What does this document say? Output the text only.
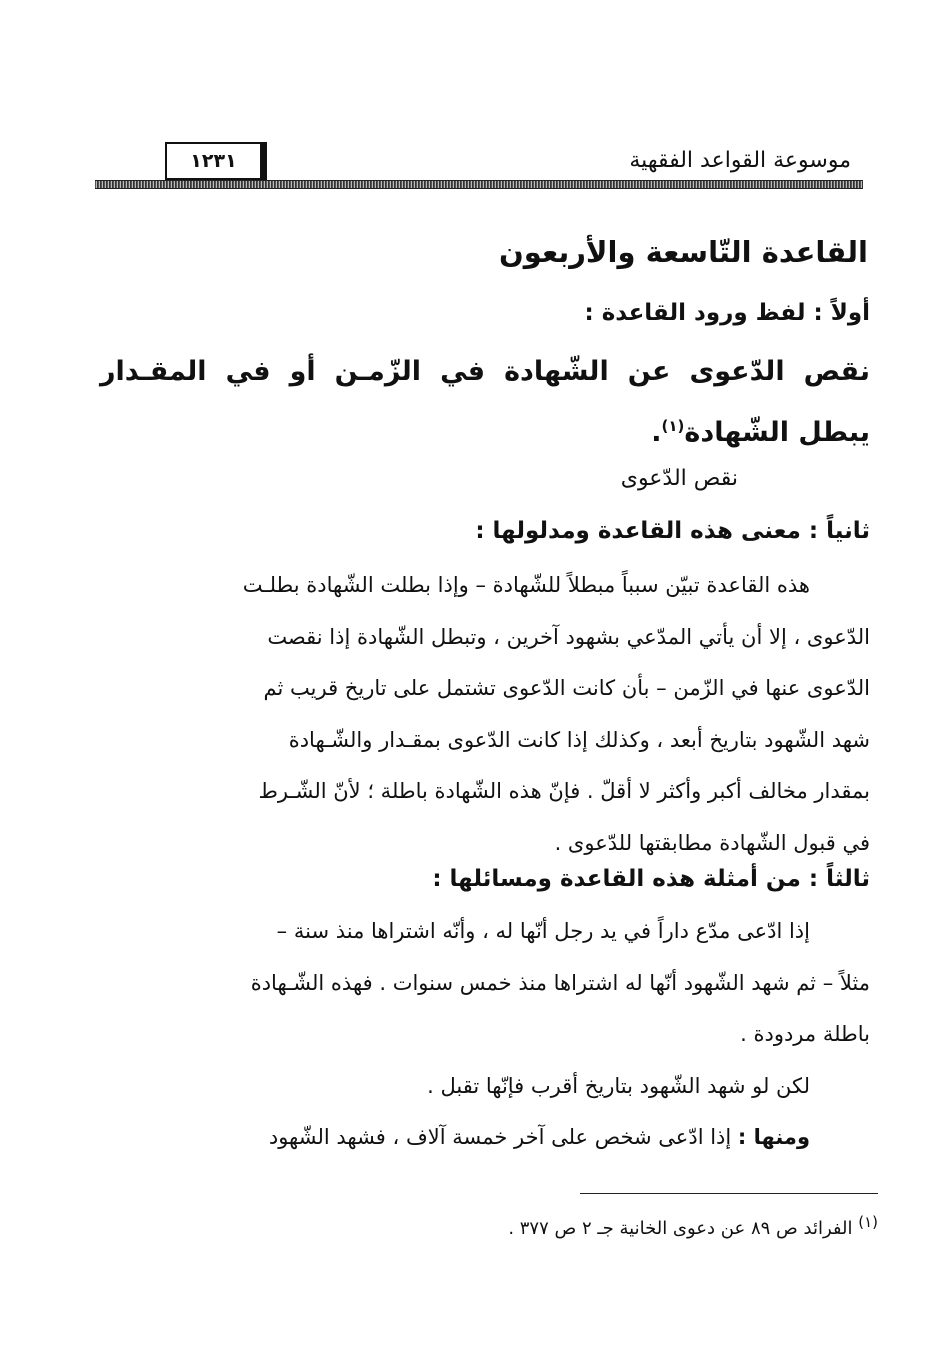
موسوعة القواعد الفقهية
١٢٣١
القاعدة التّاسعة والأربعون
أولاً : لفظ ورود القاعدة :
نقص الدّعوى عن الشّهادة في الزّمـن أو في المقـدار يبطل الشّهادة$^{(١)}$.
نقص الدّعوى
ثانياً : معنى هذه القاعدة ومدلولها :

هذه القاعدة تبيّن سبباً مبطلاً للشّهادة – وإذا بطلت الشّهادة بطلـت

الدّعوى ، إلا أن يأتي المدّعي بشهود آخرين ، وتبطل الشّهادة إذا نقصت

الدّعوى عنها في الزّمن – بأن كانت الدّعوى تشتمل على تاريخ قريب ثم

شهد الشّهود بتاريخ أبعد ، وكذلك إذا كانت الدّعوى بمقـدار والشّـهادة

بمقدار مخالف أكبر وأكثر لا أقلّ . فإنّ هذه الشّهادة باطلة ؛ لأنّ الشّـرط

في قبول الشّهادة مطابقتها للدّعوى .

ثالثاً : من أمثلة هذه القاعدة ومسائلها :

إذا ادّعى مدّع داراً في يد رجل أنّها له ، وأنّه اشتراها منذ سنة –

مثلاً – ثم شهد الشّهود أنّها له اشتراها منذ خمس سنوات . فهذه الشّـهادة

باطلة مردودة .

لكن لو شهد الشّهود بتاريخ أقرب فإنّها تقبل .

ومنها : إذا ادّعى شخص على آخر خمسة آلاف ، فشهد الشّهود

$^{(١)}$ الفرائد ص ٨٩ عن دعوى الخانية جـ ٢ ص ٣٧٧ .
